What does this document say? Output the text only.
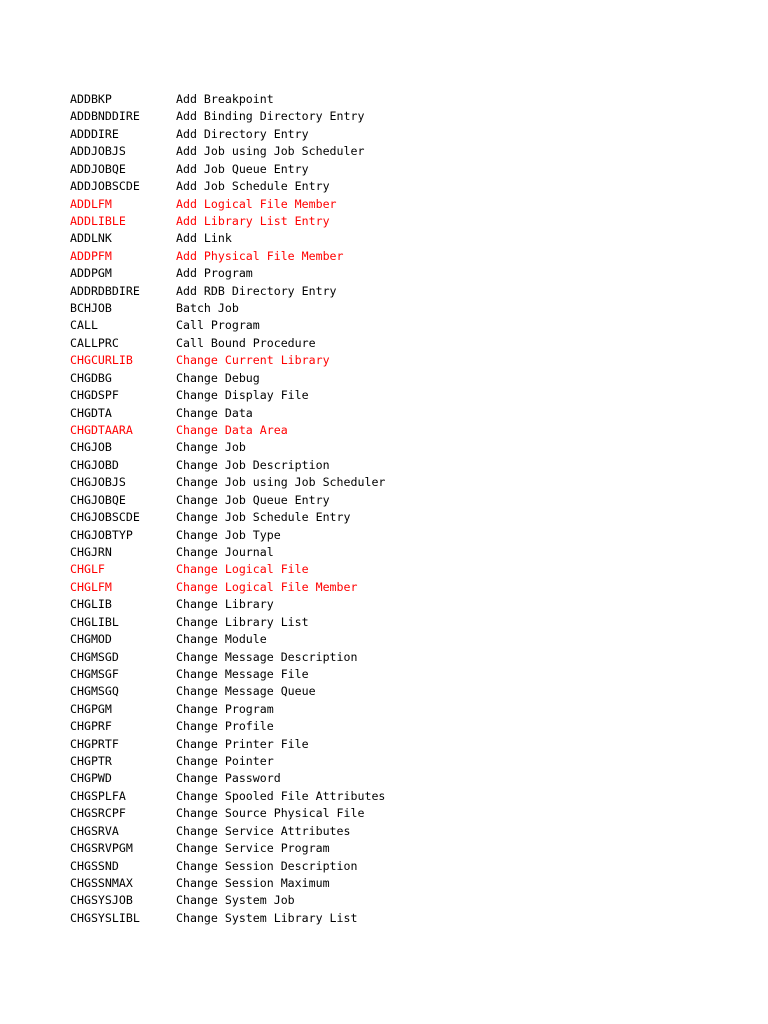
ADDBKP	Add Breakpoint
ADDBNDDIRE	Add Binding Directory Entry
ADDDIRE	Add Directory Entry
ADDJOBJS	Add Job using Job Scheduler
ADDJOBQE	Add Job Queue Entry
ADDJOBSCDE	Add Job Schedule Entry
ADDLFM	Add Logical File Member
ADDLIBLE	Add Library List Entry
ADDLNK	Add Link
ADDPFM	Add Physical File Member
ADDPGM	Add Program
ADDRDBDIRE	Add RDB Directory Entry
BCHJOB	Batch Job
CALL	Call Program
CALLPRC	Call Bound Procedure
CHGCURLIB	Change Current Library
CHGDBG	Change Debug
CHGDSPF	Change Display File
CHGDTA	Change Data
CHGDTAARA	Change Data Area
CHGJOB	Change Job
CHGJOBD	Change Job Description
CHGJOBJS	Change Job using Job Scheduler
CHGJOBQE	Change Job Queue Entry
CHGJOBSCDE	Change Job Schedule Entry
CHGJOBTYP	Change Job Type
CHGJRN	Change Journal
CHGLF	Change Logical File
CHGLFM	Change Logical File Member
CHGLIB	Change Library
CHGLIBL	Change Library List
CHGMOD	Change Module
CHGMSGD	Change Message Description
CHGMSGF	Change Message File
CHGMSGQ	Change Message Queue
CHGPGM	Change Program
CHGPRF	Change Profile
CHGPRTF	Change Printer File
CHGPTR	Change Pointer
CHGPWD	Change Password
CHGSPLFA	Change Spooled File Attributes
CHGSRCPF	Change Source Physical File
CHGSRVA	Change Service Attributes
CHGSRVPGM	Change Service Program
CHGSSND	Change Session Description
CHGSSNMAX	Change Session Maximum
CHGSYSJOB	Change System Job
CHGSYSLIBL	Change System Library List
